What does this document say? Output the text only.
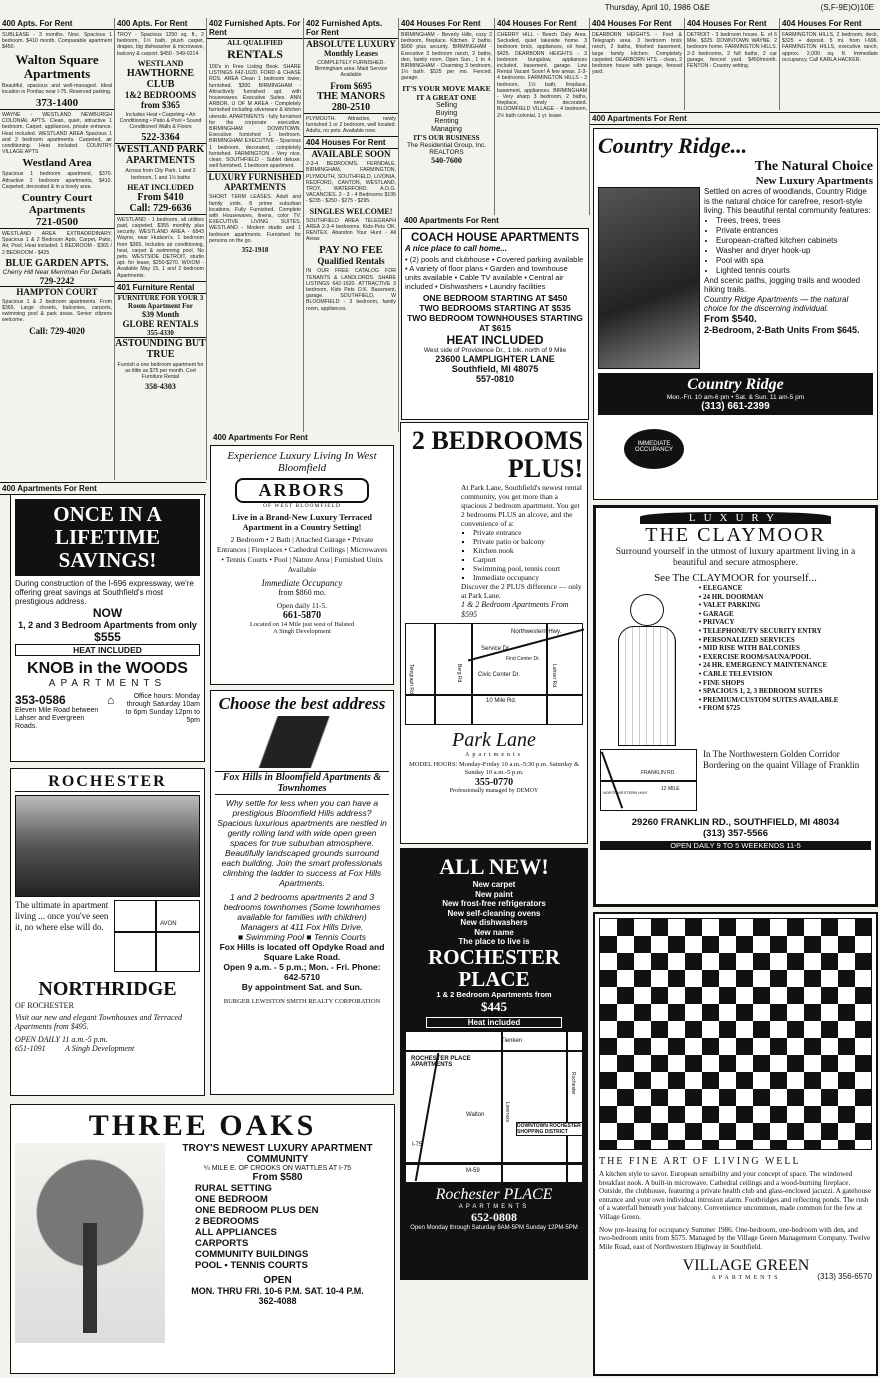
Thursday, April 10, 1986 O&E	(S,F-9E)O)10E
400 Apts. For Rent
SUBLEASE - 3 months. Novi. Spacious 1 bedroom. $410 month. Comparable apartment $450.
Walton Square Apartments
Beautiful, spacious and well-managed. Ideal location in Pontiac near I-75. Reserved parking.
373-1400
WAYNE - WESTLAND NEWBURGH COLONIAL APTS. Clean, quiet, attractive 1 bedroom. Carpet, appliances, private entrance. Heat included. WESTLAND AREA Spacious 1 and 2 bedroom apartments. Carpeted, air conditioning. Heat included. COUNTRY VILLAGE APTS
Westland Area
Spacious 1 bedroom apartment, $370. Attractive 2 bedroom apartments, $410. Carpeted, decorated & in a lovely area.
Country Court Apartments
721-0500
WESTLAND AREA EXTRAORDINARY. Spacious 1 & 2 Bedroom Apts. Carpet, Patio, Air, Pool, Heat included. 1 BEDROOM - $365 / 2 BEDROOM - $425
BLUE GARDEN APTS.
Cherry Hill Near Merriman For Details
729-2242
HAMPTON COURT
Spacious 1 & 2 bedroom apartments. From $365. Large closets, balconies, carports, swimming pool & park areas. Senior citizens welcome.
Call: 729-4020
400 Apts. For Rent
TROY - Spacious 1250 sq. ft., 2 bedroom, 1½ bath, plush carpet, drapes, big dishwasher & microwave, balcony & carport. $450 - 549-0214
WESTLAND
HAWTHORNE CLUB
1&2 BEDROOMS from $365
Includes Heat • Carpeting • Air Conditioning • Patio & Pool • Sound Conditioned Walls & Floors
522-3364
WESTLAND PARK APARTMENTS
Across from City Park. 1 and 2 bedroom, 1 and 1½ baths
HEAT INCLUDED
From $410
Call: 729-6636
WESTLAND - 1 bedroom, all utilities paid, carpeted, $355 monthly plus security. WESTLAND AREA - 6843 Wayne, near Hudson's. 1 bedroom from $365. Includes air conditioning, heat, carpet & swimming pool. No pets. WESTSIDE DETROIT, studio apt. for lease, $250-$270. WIXOM - Available May 15, 1 and 2 bedroom Apartments.
401 Furniture Rental
FURNITURE FOR YOUR 3 Room Apartment For
$39 Month
GLOBE RENTALS
355-4330
ASTOUNDING BUT TRUE
Furnish a one bedroom apartment for as little as $75 per month. Cort Furniture Rental
358-4303
402 Furnished Apts. For Rent
ALL QUALIFIED
RENTALS
100's in Free Listing Book. SHARE LISTINGS 642-1620. FORD & CHASE RDS. AREA Clean 1 bedroom lower, furnished. $300. BIRMINGHAM - Attractively furnished apt. with housewares. Executive Suites. ANN ARBOR, U OF M AREA - Completely furnished including silverware & kitchen utensils. APARTMENTS - fully furnished for the corporate executive. BIRMINGHAM DOWNTOWN. Executive furnished 1 bedroom. BIRMINGHAM EXECUTIVE - Spacious 1 bedroom, decorated, completely furnished. FARMINGTON - Very nice, clean. SOUTHFIELD - Sublet deluxe, well furnished, 1 bedroom apartment.
LUXURY FURNISHED APARTMENTS
SHORT TERM LEASES. Adult and family units. 8 prime suburban locations. Fully Furnished. Complete with Housewares, linens, color TV. EXECUTIVE LIVING SUITES. WESTLAND - Modern studio and 1 bedroom apartments. Furnished for persons on the go.
352-1918
402 Furnished Apts. For Rent
ABSOLUTE LUXURY
Monthly Leases
COMPLETELY FURNISHED. Birmingham area. Maid Service Available
From $695
THE MANORS
280-2510
PLYMOUTH. Attractive, newly furnished 1 or 2 bedroom, well located. Adults, no pets. Available now.
404 Houses For Rent
AVAILABLE SOON
2-3-4 BEDROOMS. FERNDALE, BIRMINGHAM, FARMINGTON, PLYMOUTH, SOUTHFIELD, LIVONIA, REDFORD, CANTON, WESTLAND, TROY, WATERFORD. A.O.G. VACANCIES. 2 - 3 - 4 Bedrooms $195 - $235 - $250 - $275 - $295.
SINGLES WELCOME!
SOUTHFIELD AREA TELEGRAPH AREA 2-3-4 bedrooms, Kids-Pets OK. RENTEX. Abandon Your Hunt - All Areas
PAY NO FEE
Qualified Rentals
IN OUR FREE CATALOG FOR TENANTS & LANDLORDS. SHARE LISTINGS 642-1620. ATTRACTIVE 3 bedroom, Kids Pets O.K. Basement, garage. SOUTHFIELD, W BLOOMFIELD - 3 bedroom, family room, appliances.
404 Houses For Rent
BIRMINGHAM - Beverly Hills, cozy 2 bedroom, fireplace. Kitchen, 2 baths. $900 plus security. BIRMINGHAM - Executive 3 bedroom ranch, 2 baths, den, family room. Open Sun., 1 to 4. BIRMINGHAM - Charming 3 bedroom, 1½ bath. $525 per mo. Fenced, garage.
IT'S YOUR MOVE MAKE IT A GREAT ONE
Selling
Buying
Renting
Managing
IT'S OUR BUSINESS
The Residential Group, Inc.
REALTORS
540-7600
404 Houses For Rent
CHERRY HILL - Beech Daly Area. Secluded, quiet lakeside home. 3 bedroom brick, appliances, oil heat, $425. DEARBORN HEIGHTS - 3 bedroom bungalow, appliances included, basement, garage. Low Rental Vacant Soon! A few areas. 2-3-4 bedrooms. FARMINGTON HILLS - 3 bedroom, 1½ bath, fireplace, basement, appliances. BIRMINGHAM - Very sharp 3 bedroom, 2 baths, fireplace, newly decorated. BLOOMFIELD VILLAGE - 4 bedroom, 2½ bath colonial, 1 yr. lease.
404 Houses For Rent
DEARBORN HEIGHTS - Ford & Telegraph area. 3 bedroom brick ranch, 2 baths, finished basement, large family kitchen. Completely carpeted. DEARBORN HTS. - clean, 2 bedroom house with garage, fenced yard.
404 Houses For Rent
DETROIT - 3 bedroom house, E. of 6 Mile, $325. DOWNTOWN WAYNE. 2 bedroom home. FARMINGTON HILLS. 2-3 bedrooms, 2 full baths, 2 car garage, fenced yard. $450/month. FENTON - Country setting.
404 Houses For Rent
FARMINGTON HILLS, 2 bedroom, deck, $325 + deposit. 5 mi. from I-696. FARMINGTON HILLS, executive ranch, approx. 2,000 sq. ft. Immediate occupancy. Call KARLA HACKER.
400 Apartments For Rent
400 Apartments For Rent
COACH HOUSE APARTMENTS
A nice place to call home...
• (2) pools and clubhouse • Covered parking available • A variety of floor plans • Garden and townhouse units available • Cable TV available • Central air included • Dishwashers • Laundry facilities
ONE BEDROOM STARTING AT $450
TWO BEDROOMS STARTING AT $535
TWO BEDROOM TOWNHOUSES STARTING AT $615
HEAT INCLUDED
West side of Providence Dr., 1 blk. north of 9 Mile
23600 LAMPLIGHTER LANE
Southfield, MI 48075
557-0810
Country Ridge...
The Natural Choice
New Luxury Apartments
Settled on acres of woodlands, Country Ridge is the natural choice for carefree, resort-style living. This beautiful rental community features:
• Trees, trees, trees
• Private entrances
• European-crafted kitchen cabinets
• Washer and dryer hook-up
• Pool with spa
• Lighted tennis courts
And scenic paths, jogging trails and wooded hiking trails.
Country Ridge Apartments — the natural choice for the discerning individual.
From $540.
2-Bedroom, 2-Bath Units From $645.
Country Ridge
Mon.-Fri. 10 am-6 pm • Sat. & Sun. 11 am-5 pm
(313) 661-2399
IMMEDIATE OCCUPANCY
400 Apartments For Rent
ONCE IN A LIFETIME SAVINGS!
During construction of the I-696 expressway, we're offering great savings at Southfield's most prestigious address.
NOW
1, 2 and 3 Bedroom Apartments from only
$555
HEAT INCLUDED
KNOB in the WOODS
APARTMENTS
353-0586
Eleven Mile Road between Lahser and Evergreen Roads.
⌂	Office hours: Monday through Saturday 10am to 6pm Sunday 12pm to 5pm
ROCHESTER
The ultimate in apartment living ... once you've seen it, no where else will do.	AVON
NORTHRIDGE
OF ROCHESTER
Visit our new and elegant Townhouses and Terraced Apartments from $495.
OPEN DAILY 11 a.m.-5 p.m.
651-1091	A Singh Development
THREE OAKS
TROY'S NEWEST LUXURY APARTMENT COMMUNITY
¼ MILE E. OF CROOKS ON WATTLES AT I-75
From $580
RURAL SETTING
ONE BEDROOM
ONE BEDROOM PLUS DEN
2 BEDROOMS
ALL APPLIANCES
CARPORTS
COMMUNITY BUILDINGS
POOL • TENNIS COURTS
OPEN
MON. THRU FRI. 10-6 P.M. SAT. 10-4 P.M.
362-4088
400 Apartments For Rent
Experience Luxury Living In West Bloomfield
ARBORS
OF WEST BLOOMFIELD
Live in a Brand-New Luxury Terraced Apartment in a Country Setting!
2 Bedroom • 2 Bath | Attached Garage • Private Entrances | Fireplaces • Cathedral Ceilings | Microwaves • Tennis Courts • Pool | Nature Area | Furnished Units Available
Immediate Occupancy
from $860 mo.
Open daily 11-5.
661-5870
Located on 14 Mile just west of Halsted
A Singh Development
Choose the best address
Fox Hills in Bloomfield Apartments & Townhomes
Why settle for less when you can have a prestigious Bloomfield Hills address? Spacious luxurious apartments are nestled in gently rolling land with wide open green spaces for true suburban atmosphere. Beautifully landscaped grounds surround each building. Join the smart professionals climbing the ladder to success at Fox Hills Apartments.
1 and 2 bedrooms apartments 2 and 3 bedrooms townhomes (Some townhomes available for families with children)
Managers at 411 Fox Hills Drive.
■ Swimming Pool ■ Tennis Courts
Fox Hills is located off Opdyke Road and Square Lake Road.
Open 9 a.m. - 5 p.m.; Mon. - Fri. Phone: 642-5710
By appointment Sat. and Sun.
BURGER LEWISTON SMITH REALTY CORPORATION
2 BEDROOMS PLUS!
At Park Lane, Southfield's newest rental community, you get more than a spacious 2 bedroom apartment. You get 2 bedrooms PLUS an alcove, and the convenience of a:
▪ Private entrance
▪ Private patio or balcony
▪ Kitchen nook
▪ Carport
▪ Swimming pool, tennis court
▪ Immediate occupancy
Discover the 2 PLUS difference — only at Park Lane.
1 & 2 Bedroom Apartments From $595
Northwestern Hwy.
Service Dr.
Civic Center Dr.
10 Mile Rd.
Telegraph Rd.	Berg Rd.	Lahser Rd.
First Center Dr.
Park Lane
Apartments
MODEL HOURS: Monday-Friday 10 a.m.-5:30 p.m. Saturday & Sunday 10 a.m.-5 p.m.
355-0770
Professionally managed by DEMOY
ALL NEW!
New carpet
New paint
New frost-free refrigerators
New self-cleaning ovens
New dishwashers
New name
The place to live is
ROCHESTER PLACE
1 & 2 Bedroom Apartments from
$445
Heat included
Tienken
ROCHESTER PLACE APARTMENTS
Walton	Livernois
DOWNTOWN ROCHESTER SHOPPING DISTRICT
Rochester
M-59
I-75
Rochester PLACE
APARTMENTS
652-0808
Open Monday through Saturday 9AM-5PM Sunday 12PM-5PM
LUXURY
THE CLAYMOOR
Surround yourself in the utmost of luxury apartment living in a beautiful and secure atmosphere.
See The CLAYMOOR for yourself...
• ELEGANCE
• 24 HR. DOORMAN
• VALET PARKING
• GARAGE
• PRIVACY
• TELEPHONE/TV SECURITY ENTRY
• PERSONALIZED SERVICES
• MID RISE WITH BALCONIES
• EXERCISE ROOM/SAUNA/POOL
• 24 HR. EMERGENCY MAINTENANCE
• CABLE TELEVISION
• FINE SHOPS
• SPACIOUS 1, 2, 3 BEDROOM SUITES
• PREMIUM/CUSTOM SUITES AVAILABLE
• FROM $725
FRANKLIN RD.
12 MILE
NORTHWESTERN HWY
In The Northwestern Golden Corridor Bordering on the quaint Village of Franklin
29260 FRANKLIN RD., SOUTHFIELD, MI 48034
(313) 357-5566
OPEN DAILY 9 TO 5 WEEKENDS 11-5
THE FINE ART OF LIVING WELL
A kitchen style to savor. European sensibility and your concept of space. The windowed breakfast nook. A built-in microwave. Cathedral ceilings and a wood-burning fireplace. Outside, the clubhouse, featuring a private health club and glass-enclosed jacuzzi. A gatehouse entrance and your own individual intrusion alarm. Footbridges and reflecting ponds. The rush of a waterfall beneath your balcony. Convenience uncommon, made common for the few at Village Green.
Now pre-leasing for occupancy Summer 1986. One-bedroom, one-bedroom with den, and two-bedroom units from $575. Managed by the Village Green Management Company. Twelve Mile Road, east of Northwestern Highway in Southfield.
VILLAGE GREEN
APARTMENTS	(313) 356-6570
